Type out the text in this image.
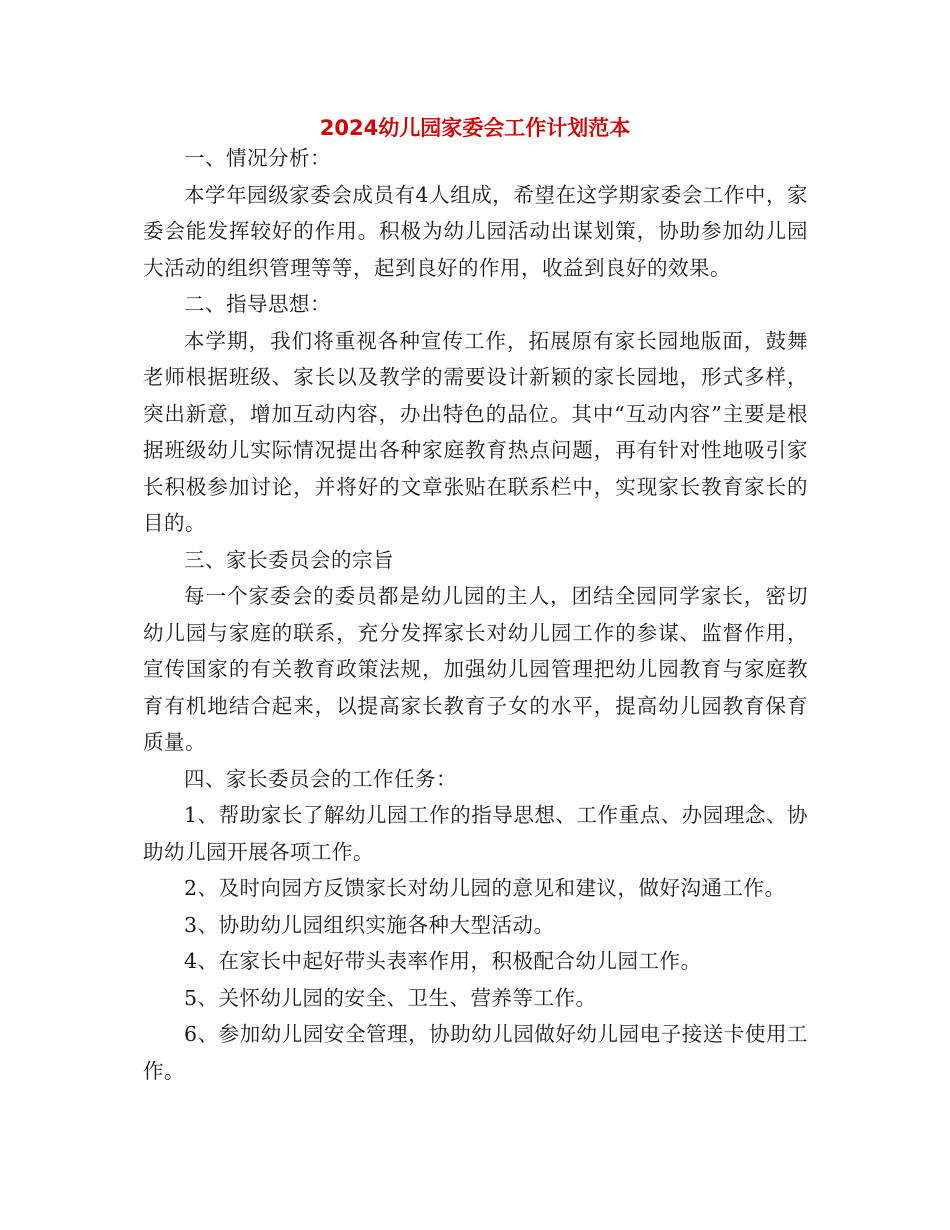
2024幼儿园家委会工作计划范本

一、情况分析：

本学年园级家委会成员有4人组成，希望在这学期家委会工作中，家委会能发挥较好的作用。积极为幼儿园活动出谋划策，协助参加幼儿园大活动的组织管理等等，起到良好的作用，收益到良好的效果。

二、指导思想：

本学期，我们将重视各种宣传工作，拓展原有家长园地版面，鼓舞老师根据班级、家长以及教学的需要设计新颖的家长园地，形式多样，突出新意，增加互动内容，办出特色的品位。其中“互动内容”主要是根据班级幼儿实际情况提出各种家庭教育热点问题，再有针对性地吸引家长积极参加讨论，并将好的文章张贴在联系栏中，实现家长教育家长的目的。

三、家长委员会的宗旨

每一个家委会的委员都是幼儿园的主人，团结全园同学家长，密切幼儿园与家庭的联系，充分发挥家长对幼儿园工作的参谋、监督作用，宣传国家的有关教育政策法规，加强幼儿园管理把幼儿园教育与家庭教育有机地结合起来，以提高家长教育子女的水平，提高幼儿园教育保育质量。

四、家长委员会的工作任务：

1、帮助家长了解幼儿园工作的指导思想、工作重点、办园理念、协助幼儿园开展各项工作。

2、及时向园方反馈家长对幼儿园的意见和建议，做好沟通工作。

3、协助幼儿园组织实施各种大型活动。

4、在家长中起好带头表率作用，积极配合幼儿园工作。

5、关怀幼儿园的安全、卫生、营养等工作。

6、参加幼儿园安全管理，协助幼儿园做好幼儿园电子接送卡使用工作。
